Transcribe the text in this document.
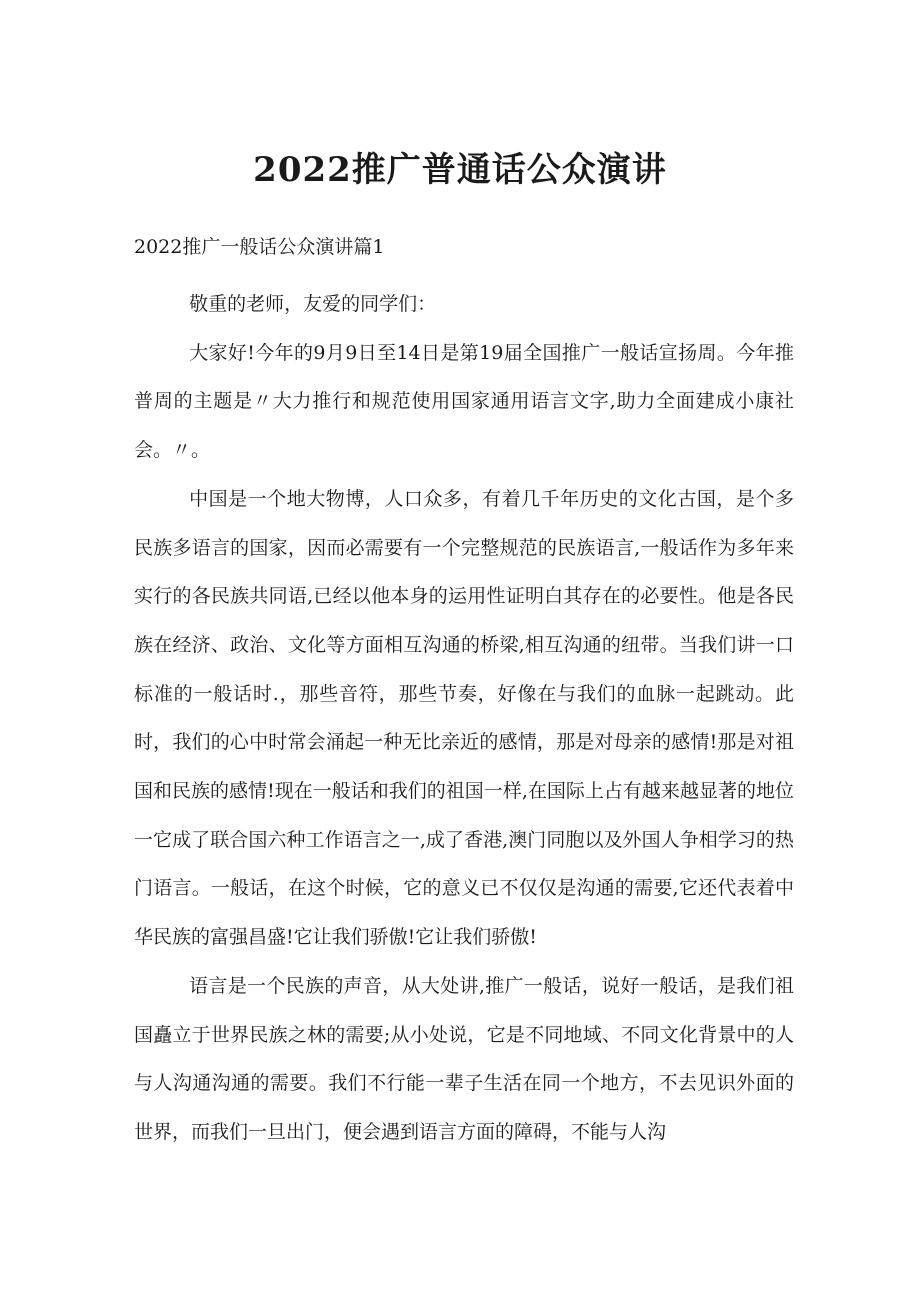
2022推广普通话公众演讲
2022推广一般话公众演讲篇1

敬重的老师，友爱的同学们：

大家好!今年的9月9日至14日是第19届全国推广一般话宣扬周。今年推普周的主题是〃大力推行和规范使用国家通用语言文字,助力全面建成小康社会。〃。

中国是一个地大物博，人口众多，有着几千年历史的文化古国，是个多民族多语言的国家，因而必需要有一个完整规范的民族语言,一般话作为多年来实行的各民族共同语,已经以他本身的运用性证明白其存在的必要性。他是各民族在经济、政治、文化等方面相互沟通的桥梁,相互沟通的纽带。当我们讲一口标准的一般话时.，那些音符，那些节奏，好像在与我们的血脉一起跳动。此时，我们的心中时常会涌起一种无比亲近的感情，那是对母亲的感情!那是对祖国和民族的感情!现在一般话和我们的祖国一样,在国际上占有越来越显著的地位一它成了联合国六种工作语言之一,成了香港,澳门同胞以及外国人争相学习的热门语言。一般话，在这个时候，它的意义已不仅仅是沟通的需要,它还代表着中华民族的富强昌盛!它让我们骄傲!它让我们骄傲!

语言是一个民族的声音，从大处讲,推广一般话，说好一般话，是我们祖国矗立于世界民族之林的需要;从小处说，它是不同地域、不同文化背景中的人与人沟通沟通的需要。我们不行能一辈子生活在同一个地方，不去见识外面的世界，而我们一旦出门，便会遇到语言方面的障碍，不能与人沟
